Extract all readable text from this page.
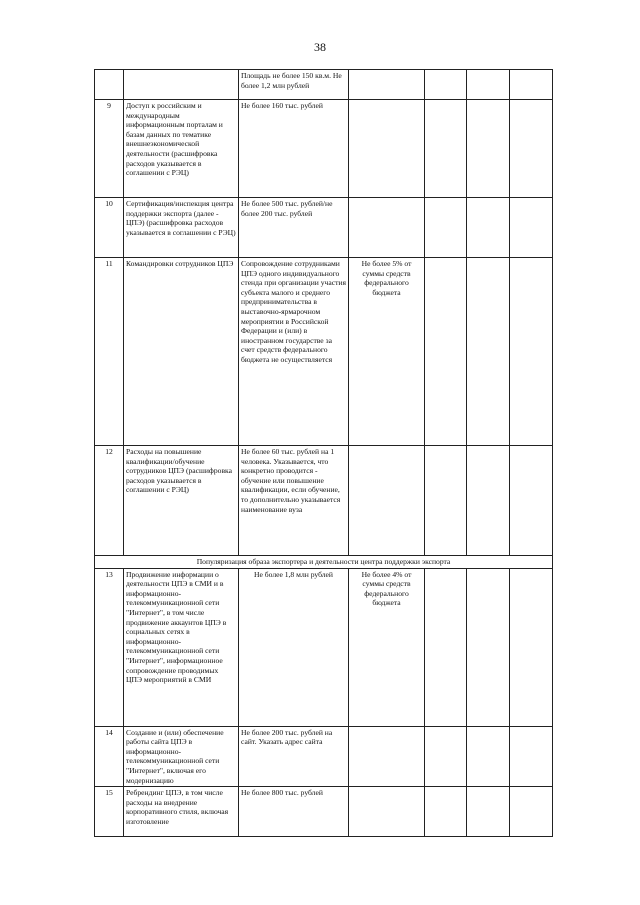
38
		Площадь не более 150 кв.м. Не более 1,2 млн рублей				
9	Доступ к российским и международным информационным порталам и базам данных по тематике внешнеэкономической деятельности (расшифровка расходов указывается в соглашении с РЭЦ)	Не более 160 тыс. рублей				
10	Сертификация/инспекция центра поддержки экспорта (далее - ЦПЭ) (расшифровка расходов указывается в соглашении с РЭЦ)	Не более 500 тыс. рублей/не более 200 тыс. рублей				
11	Командировки сотрудников ЦПЭ	Сопровождение сотрудниками ЦПЭ одного индивидуального стенда при организации участия субъекта малого и среднего предпринимательства в выставочно-ярмарочном мероприятии в Российской Федерации и (или) в иностранном государстве за счет средств федерального бюджета не осуществляется	Не более 5% от суммы средств федерального бюджета			
12	Расходы на повышение квалификации/обучение сотрудников ЦПЭ (расшифровка расходов указывается в соглашении с РЭЦ)	Не более 60 тыс. рублей на 1 человека. Указывается, что конкретно проводится - обучение или повышение квалификации, если обучение, то дополнительно указывается наименование вуза				
Популяризация образа экспортера и деятельности центра поддержки экспорта						
13	Продвижение информации о деятельности ЦПЭ в СМИ и в информационно-телекоммуникационной сети "Интернет", в том числе продвижение аккаунтов ЦПЭ в социальных сетях в информационно-телекоммуникационной сети "Интернет", информационное сопровождение проводимых ЦПЭ мероприятий в СМИ	Не более 1,8 млн рублей	Не более 4% от суммы средств федерального бюджета			
14	Создание и (или) обеспечение работы сайта ЦПЭ в информационно-телекоммуникационной сети "Интернет", включая его модернизацию	Не более 200 тыс. рублей на сайт. Указать адрес сайта				
15	Ребрендинг ЦПЭ, в том числе расходы на внедрение корпоративного стиля, включая изготовление	Не более 800 тыс. рублей				
